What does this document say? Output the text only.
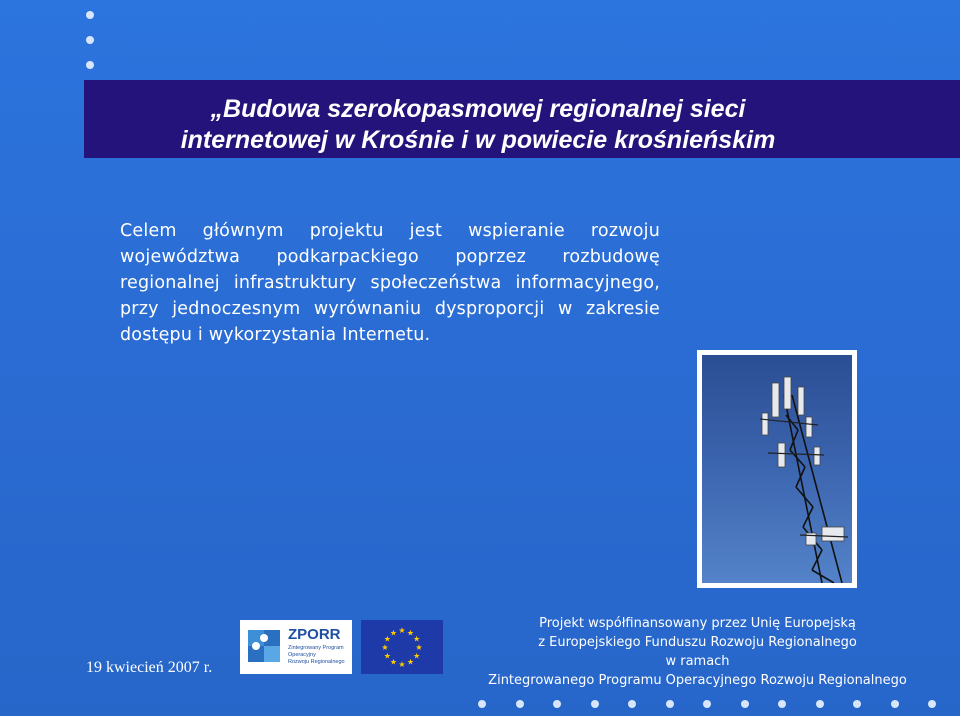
„Budowa szerokopasmowej regionalnej sieci
internetowej w Krośnie i w powiecie krośnieńskim
Celem głównym projektu jest wspieranie rozwoju województwa podkarpackiego poprzez rozbudowę regionalnej infrastruktury społeczeństwa informacyjnego, przy jednoczesnym wyrównaniu dysproporcji w zakresie dostępu i wykorzystania Internetu.
19 kwiecień 2007 r.
ZPORR
Zintegrowany Program
Operacyjny
Rozwoju Regionalnego
★ ★
★
★
★
★
★
★
★
★
★
★
Projekt współfinansowany przez Unię Europejską
z Europejskiego Funduszu Rozwoju Regionalnego
w ramach
Zintegrowanego Programu Operacyjnego Rozwoju Regionalnego
